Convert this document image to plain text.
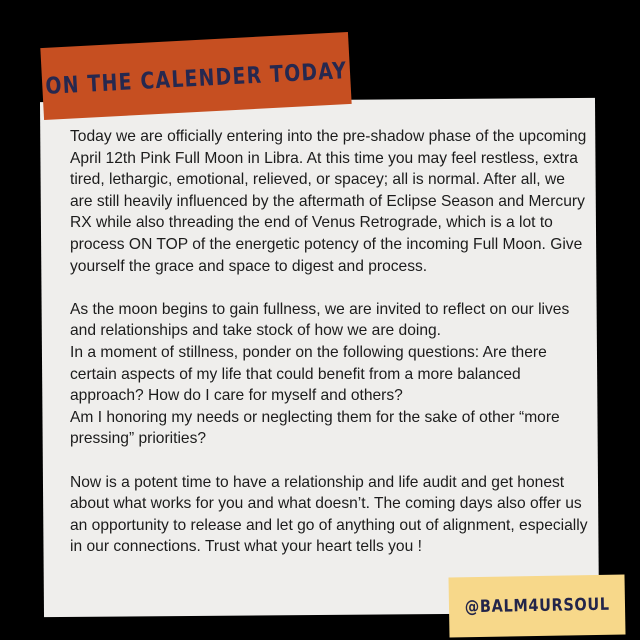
ON THE CALENDER TODAY

Today we are officially entering into the pre-shadow phase of the upcoming April 12th Pink Full Moon in Libra. At this time you may feel restless, extra tired, lethargic, emotional, relieved, or spacey; all is normal. After all, we are still heavily influenced by the aftermath of Eclipse Season and Mercury RX while also threading the end of Venus Retrograde, which is a lot to process ON TOP of the energetic potency of the incoming Full Moon. Give yourself the grace and space to digest and process.

As the moon begins to gain fullness, we are invited to reflect on our lives and relationships and take stock of how we are doing.

In a moment of stillness, ponder on the following questions: Are there certain aspects of my life that could benefit from a more balanced approach? How do I care for myself and others?

Am I honoring my needs or neglecting them for the sake of other “more pressing” priorities?

Now is a potent time to have a relationship and life audit and get honest about what works for you and what doesn’t. The coming days also offer us an opportunity to release and let go of anything out of alignment, especially in our connections. Trust what your heart tells you !

@BALM4URSOUL
